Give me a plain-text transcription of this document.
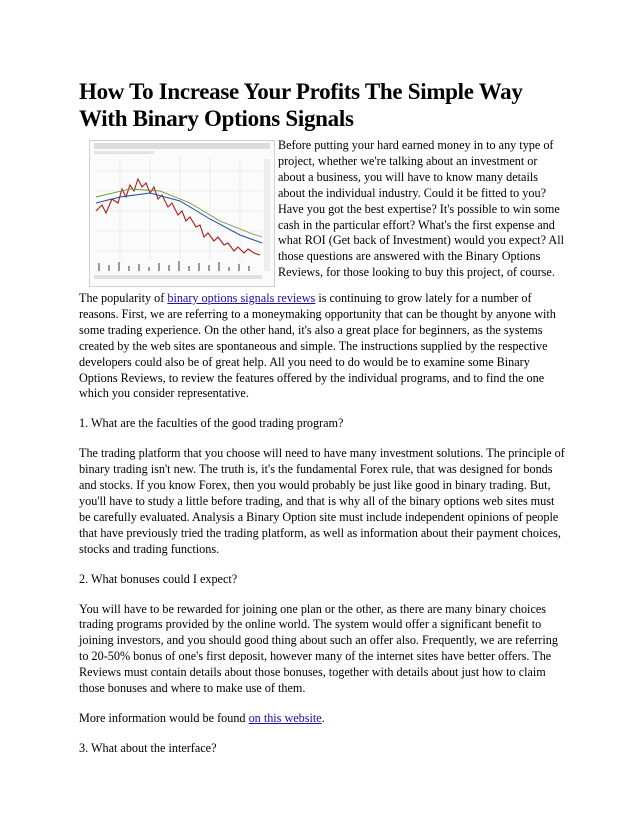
How To Increase Your Profits The Simple Way With Binary Options Signals

Before putting your hard earned money in to any type of project, whether we're talking about an investment or about a business, you will have to know many details about the individual industry. Could it be fitted to you? Have you got the best expertise? It's possible to win some cash in the particular effort? What's the first expense and what ROI (Get back of Investment) would you expect? All those questions are answered with the Binary Options Reviews, for those looking to buy this project, of course.

The popularity of binary options signals reviews is continuing to grow lately for a number of reasons. First, we are referring to a moneymaking opportunity that can be thought by anyone with some trading experience. On the other hand, it's also a great place for beginners, as the systems created by the web sites are spontaneous and simple. The instructions supplied by the respective developers could also be of great help. All you need to do would be to examine some Binary Options Reviews, to review the features offered by the individual programs, and to find the one which you consider representative.

1. What are the faculties of the good trading program?

The trading platform that you choose will need to have many investment solutions. The principle of binary trading isn't new. The truth is, it's the fundamental Forex rule, that was designed for bonds and stocks. If you know Forex, then you would probably be just like good in binary trading. But, you'll have to study a little before trading, and that is why all of the binary options web sites must be carefully evaluated. Analysis a Binary Option site must include independent opinions of people that have previously tried the trading platform, as well as information about their payment choices, stocks and trading functions.

2. What bonuses could I expect?

You will have to be rewarded for joining one plan or the other, as there are many binary choices trading programs provided by the online world. The system would offer a significant benefit to joining investors, and you should good thing about such an offer also. Frequently, we are referring to 20-50% bonus of one's first deposit, however many of the internet sites have better offers. The Reviews must contain details about those bonuses, together with details about just how to claim those bonuses and where to make use of them.

More information would be found on this website.

3. What about the interface?
